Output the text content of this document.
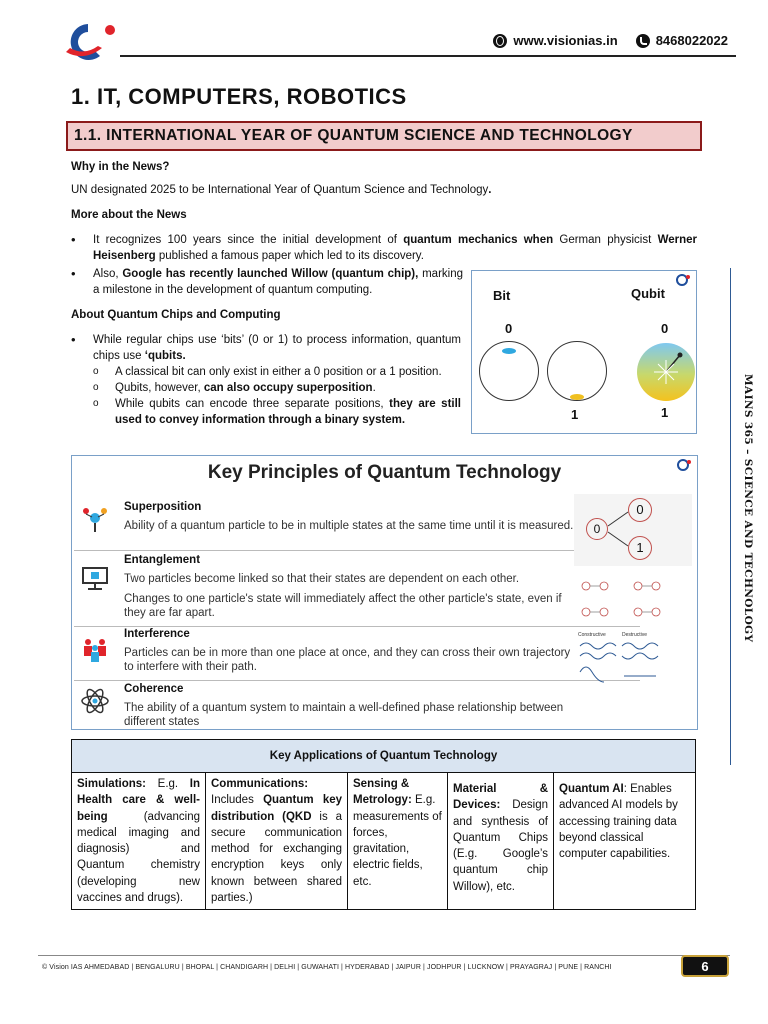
www.visionias.in	8468022022
1. IT, COMPUTERS, ROBOTICS
1.1. INTERNATIONAL YEAR OF QUANTUM SCIENCE AND TECHNOLOGY
Why in the News?
UN designated 2025 to be International Year of Quantum Science and Technology.
More about the News
• It recognizes 100 years since the initial development of quantum mechanics when German physicist Werner Heisenberg published a famous paper which led to its discovery.
• Also, Google has recently launched Willow (quantum chip), marking a milestone in the development of quantum computing.
About Quantum Chips and Computing
• While regular chips use ‘bits’ (0 or 1) to process information, quantum chips use ‘qubits.
o A classical bit can only exist in either a 0 position or a 1 position.
o Qubits, however, can also occupy superposition.
o While qubits can encode three separate positions, they are still used to convey information through a binary system.
Bit	Qubit
0
1
0
1
Key Principles of Quantum Technology
Superposition
Ability of a quantum particle to be in multiple states at the same time until it is measured.
Entanglement
Two particles become linked so that their states are dependent on each other.
Changes to one particle's state will immediately affect the other particle's state, even if they are far apart.
Interference
Particles can be in more than one place at once, and they can cross their own trajectory to interfere with their path.
Coherence
The ability of a quantum system to maintain a well-defined phase relationship between different states
0
0
1
Constructive	Destructive
Key Applications of Quantum Technology
Simulations: E.g. In Health care & well-being (advancing medical imaging and diagnosis) and Quantum chemistry (developing new vaccines and drugs).	Communications: Includes Quantum key distribution (QKD is a secure communication method for exchanging encryption keys only known between shared parties.)	Sensing & Metrology: E.g. measurements of forces, gravitation, electric fields, etc.	Material & Devices: Design and synthesis of Quantum Chips (E.g. Google’s quantum chip Willow), etc.	Quantum AI: Enables advanced AI models by accessing training data beyond classical computer capabilities.
MAINS 365 – SCIENCE AND TECHNOLOGY
© Vision IAS AHMEDABAD | BENGALURU | BHOPAL | CHANDIGARH | DELHI | GUWAHATI | HYDERABAD | JAIPUR | JODHPUR | LUCKNOW | PRAYAGRAJ | PUNE | RANCHI	6
